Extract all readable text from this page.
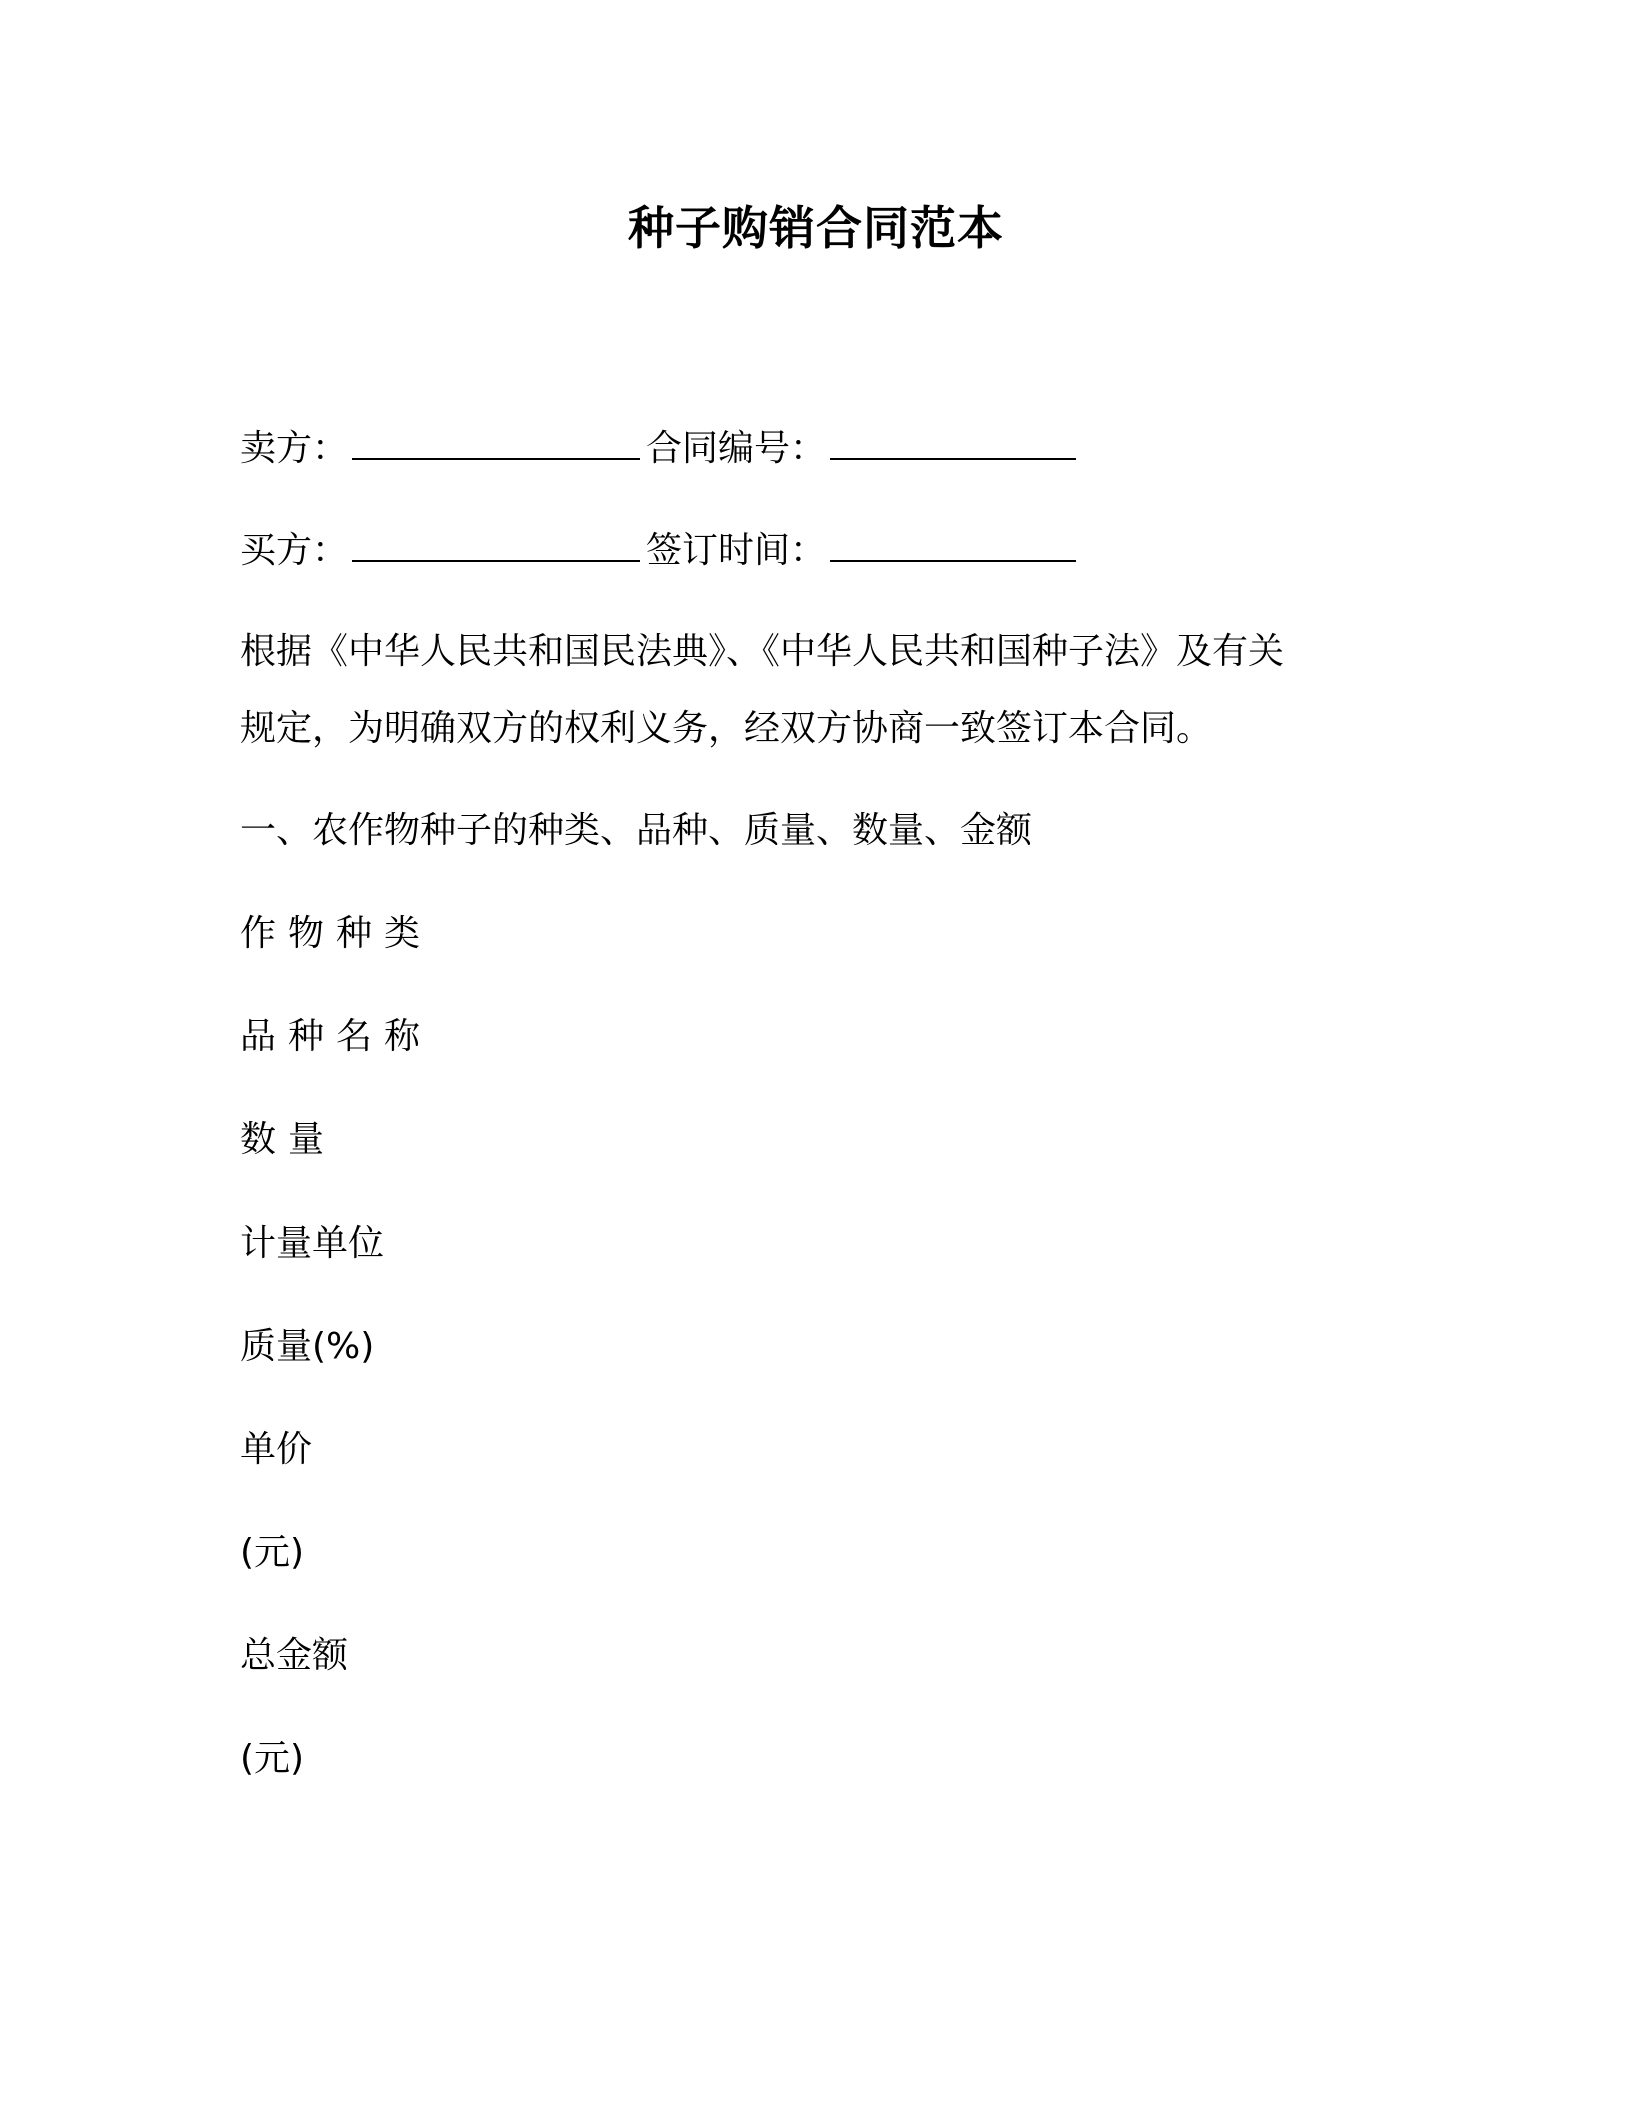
种子购销合同范本
卖方：	合同编号：
买方：	签订时间：
根据《中华人民共和国民法典》、《中华人民共和国种子法》及有关
规定，为明确双方的权利义务，经双方协商一致签订本合同。
一、农作物种子的种类、品种、质量、数量、金额
作物种类
品种名称
数量
计量单位
质量(%)
单价
(元)
总金额
(元)
